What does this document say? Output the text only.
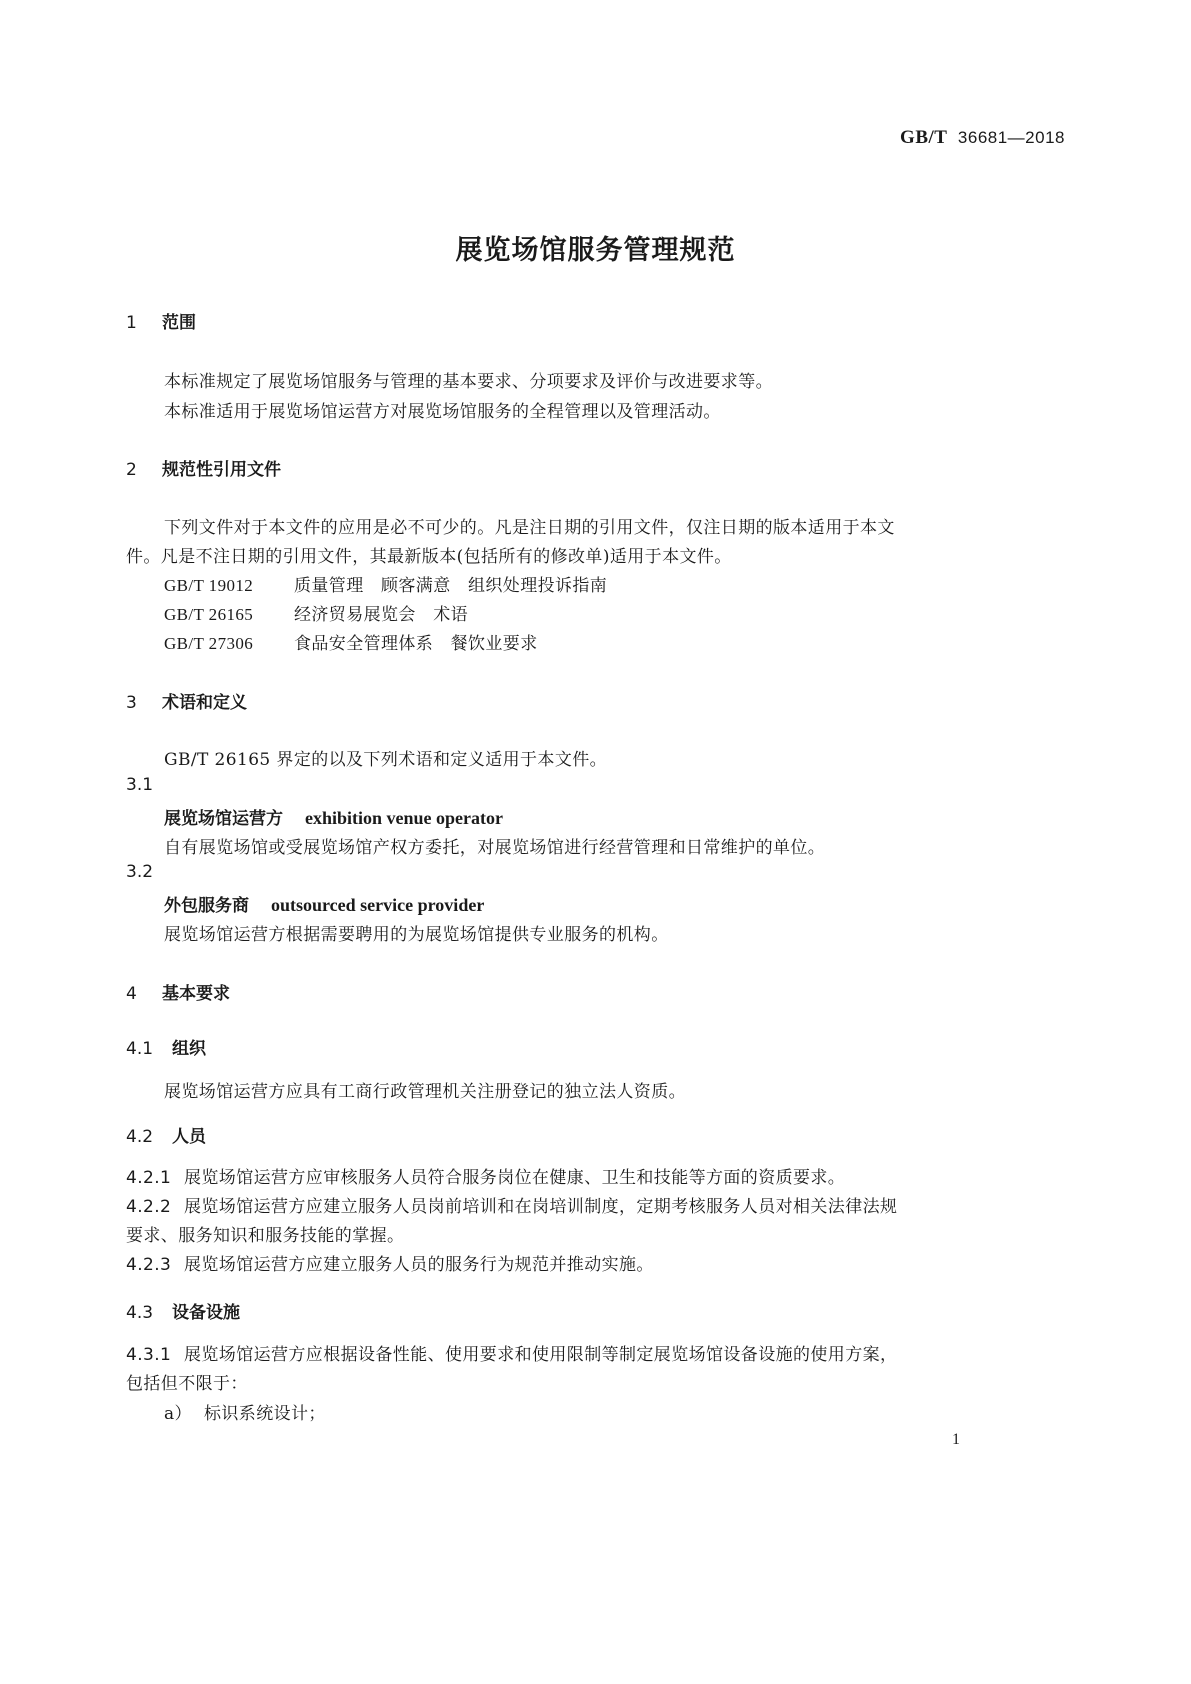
GB/T 36681—2018
展览场馆服务管理规范
1 范围
本标准规定了展览场馆服务与管理的基本要求、分项要求及评价与改进要求等。
本标准适用于展览场馆运营方对展览场馆服务的全程管理以及管理活动。
2 规范性引用文件
下列文件对于本文件的应用是必不可少的。凡是注日期的引用文件，仅注日期的版本适用于本文
件。凡是不注日期的引用文件，其最新版本(包括所有的修改单)适用于本文件。
GB/T 19012 质量管理　顾客满意　组织处理投诉指南
GB/T 26165 经济贸易展览会　术语
GB/T 27306 食品安全管理体系　餐饮业要求
3 术语和定义
GB/T 26165 界定的以及下列术语和定义适用于本文件。
3.1
展览场馆运营方 exhibition venue operator
自有展览场馆或受展览场馆产权方委托，对展览场馆进行经营管理和日常维护的单位。
3.2
外包服务商 outsourced service provider
展览场馆运营方根据需要聘用的为展览场馆提供专业服务的机构。
4 基本要求
4.1 组织
展览场馆运营方应具有工商行政管理机关注册登记的独立法人资质。
4.2 人员
4.2.1 展览场馆运营方应审核服务人员符合服务岗位在健康、卫生和技能等方面的资质要求。
4.2.2 展览场馆运营方应建立服务人员岗前培训和在岗培训制度，定期考核服务人员对相关法律法规
要求、服务知识和服务技能的掌握。
4.2.3 展览场馆运营方应建立服务人员的服务行为规范并推动实施。
4.3 设备设施
4.3.1 展览场馆运营方应根据设备性能、使用要求和使用限制等制定展览场馆设备设施的使用方案，
包括但不限于：
a） 标识系统设计；
1
